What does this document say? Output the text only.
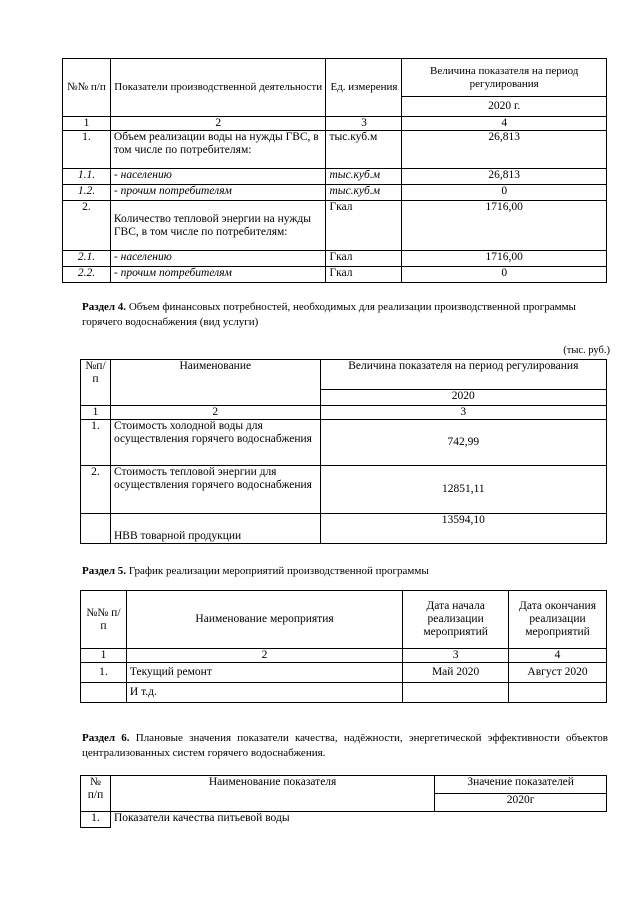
№№ п/п	Показатели производственной деятельности	Ед. измерения	Величина показателя на период регулирования
			2020 г.
1	2	3	4
1.	Объем реализации воды на нужды ГВС, в том числе по потребителям:	тыс.куб.м	26,813
1.1.	- населению	тыс.куб.м	26,813
1.2.	- прочим потребителям	тыс.куб.м	0
2.	Количество тепловой энергии на нужды ГВС, в том числе по потребителям:	Гкал	1716,00
2.1.	- населению	Гкал	1716,00
2.2.	- прочим потребителям	Гкал	0
Раздел 4. Объем финансовых потребностей, необходимых для реализации производственной программы горячего водоснабжения (вид услуги)
(тыс. руб.)
№п/ п	Наименование	Величина показателя на период регулирования
		2020
1	2	3
1.	Стоимость холодной воды для осуществления горячего водоснабжения	742,99
2.	Стоимость тепловой энергии для осуществления горячего водоснабжения	12851,11
	НВВ товарной продукции	13594,10
Раздел 5. График реализации мероприятий производственной программы
№№ п/п	Наименование мероприятия	Дата начала реализации мероприятий	Дата окончания реализации мероприятий
1	2	3	4
1.	Текущий ремонт	Май 2020	Август 2020
	И т.д.		
Раздел 6. Плановые значения показатели качества, надёжности, энергетической эффективности объектов централизованных систем горячего водоснабжения.
№ п/п	Наименование показателя	Значение показателей
		2020г
1.	Показатели качества питьевой воды	
